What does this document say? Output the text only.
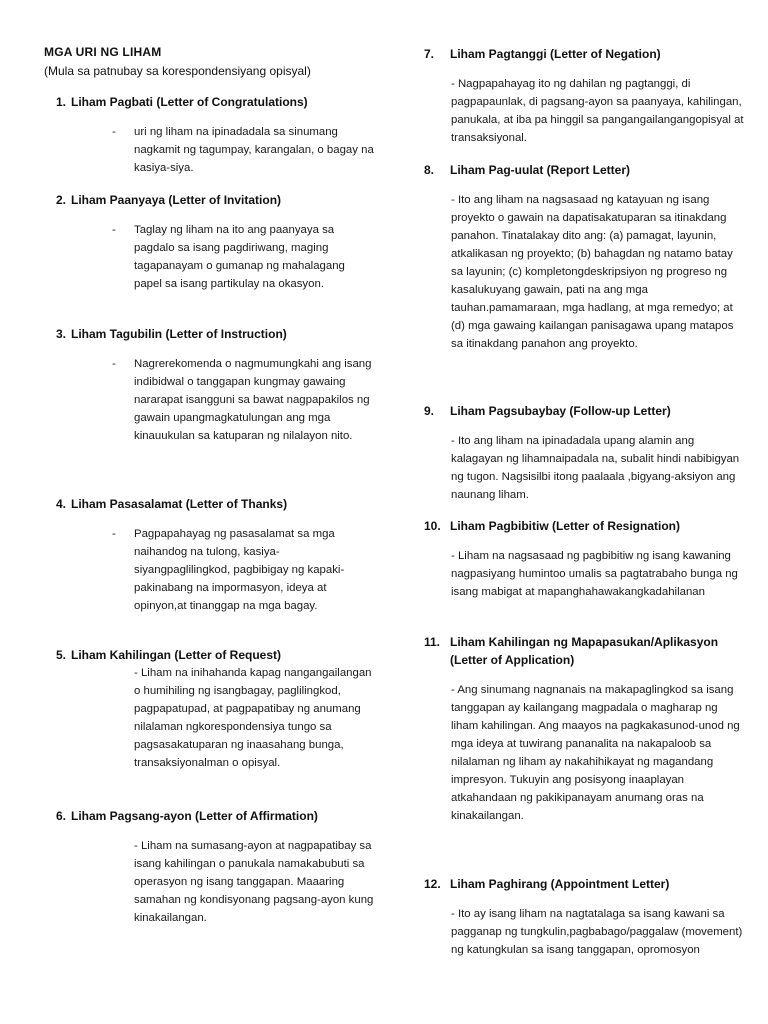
MGA URI NG LIHAM
(Mula sa patnubay sa korespondensiyang opisyal)
1. Liham Pagbati (Letter of Congratulations)
- uri ng liham na ipinadadala sa sinumang nagkamit ng tagumpay, karangalan, o bagay na kasiya-siya.
2. Liham Paanyaya (Letter of Invitation)
- Taglay ng liham na ito ang paanyaya sa pagdalo sa isang pagdiriwang, maging tagapanayam o gumanap ng mahalagang papel sa isang partikulay na okasyon.
3. Liham Tagubilin (Letter of Instruction)
- Nagrerekomenda o nagmumungkahi ang isang indibidwal o tanggapan kungmay gawaing nararapat isangguni sa bawat nagpapakilos ng gawain upangmagkatulungan ang mga kinauukulan sa katuparan ng nilalayon nito.
4. Liham Pasasalamat (Letter of Thanks)
- Pagpapahayag ng pasasalamat sa mga naihandog na tulong, kasiya-siyangpaglilingkod, pagbibigay ng kapaki-pakinabang na impormasyon, ideya at opinyon,at tinanggap na mga bagay.
5. Liham Kahilingan (Letter of Request)
- Liham na inihahanda kapag nangangailangan o humihiling ng isangbagay, paglilingkod, pagpapatupad, at pagpapatibay ng anumang nilalaman ngkorespondensiya tungo sa pagsasakatuparan ng inaasahang bunga, transaksiyonalman o opisyal.
6. Liham Pagsang-ayon (Letter of Affirmation)
- Liham na sumasang-ayon at nagpapatibay sa isang kahilingan o panukala namakabubuti sa operasyon ng isang tanggapan. Maaaring samahan ng kondisyonang pagsang-ayon kung kinakailangan.
7.	Liham Pagtanggi (Letter of Negation)
- Nagpapahayag ito ng dahilan ng pagtanggi, di pagpapaunlak, di pagsang-ayon sa paanyaya, kahilingan, panukala, at iba pa hinggil sa pangangailangangopisyal at transaksiyonal.
8.	Liham Pag-uulat (Report Letter)
- Ito ang liham na nagsasaad ng katayuan ng isang proyekto o gawain na dapatisakatuparan sa itinakdang panahon. Tinatalakay dito ang: (a) pamagat, layunin, atkalikasan ng proyekto; (b) bahagdan ng natamo batay sa layunin; (c) kompletongdeskripsiyon ng progreso ng kasalukuyang gawain, pati na ang mga tauhan.pamamaraan, mga hadlang, at mga remedyo; at (d) mga gawaing kailangan panisagawa upang matapos sa itinakdang panahon ang proyekto.
9.	Liham Pagsubaybay (Follow-up Letter)
- Ito ang liham na ipinadadala upang alamin ang kalagayan ng lihamnaipadala na, subalit hindi nabibigyan ng tugon. Nagsisilbi itong paalaala ,bigyang-aksiyon ang naunang liham.
10. Liham Pagbibitiw (Letter of Resignation)
- Liham na nagsasaad ng pagbibitiw ng isang kawaning nagpasiyang humintoo umalis sa pagtatrabaho bunga ng isang mabigat at mapanghahawakangkadahilanan
11. Liham Kahilingan ng Mapapasukan/Aplikasyon (Letter of Application)
- Ang sinumang nagnanais na makapaglingkod sa isang tanggapan ay kailangang magpadala o magharap ng liham kahilingan. Ang maayos na pagkakasunod-unod ng mga ideya at tuwirang pananalita na nakapaloob sa nilalaman ng liham ay nakahihikayat ng magandang impresyon. Tukuyin ang posisyong inaaplayan atkahandaan ng pakikipanayam anumang oras na kinakailangan.
12. Liham Paghirang (Appointment Letter)
- Ito ay isang liham na nagtatalaga sa isang kawani sa pagganap ng tungkulin,pagbabago/paggalaw (movement) ng katungkulan sa isang tanggapan, opromosyon
